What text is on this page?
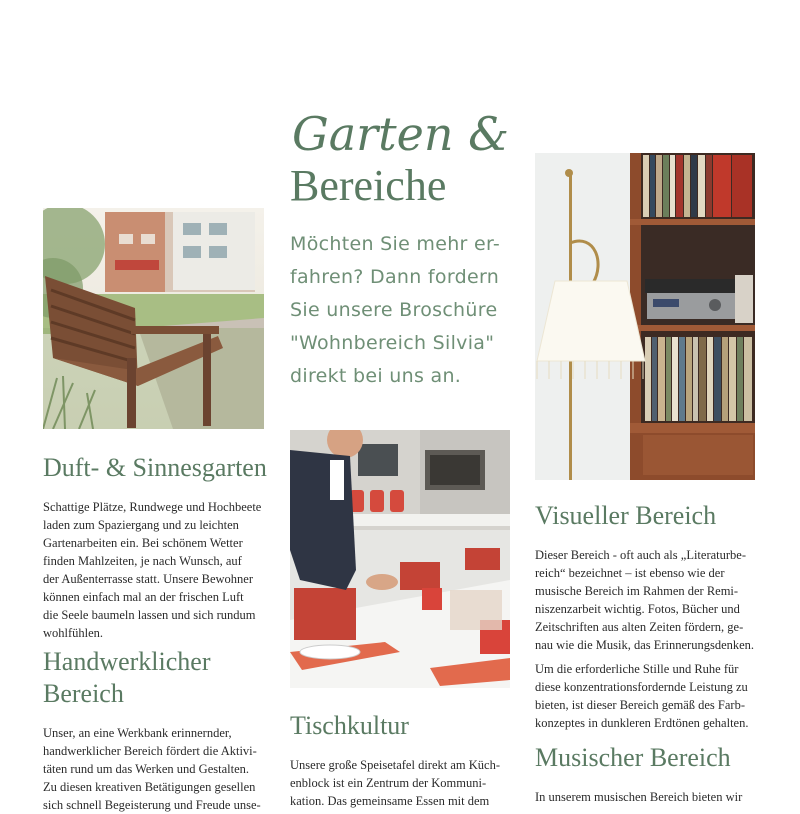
Garten &
Bereiche
Möchten Sie mehr er-
fahren? Dann fordern
Sie unsere Broschüre
"Wohnbereich Silvia"
direkt bei uns an.
Duft- & Sinnesgarten
Schattige Plätze, Rundwege und Hochbeete
laden zum Spaziergang und zu leichten
Gartenarbeiten ein. Bei schönem Wetter
finden Mahlzeiten, je nach Wunsch, auf
der Außenterrasse statt. Unsere Bewohner
können einfach mal an der frischen Luft
die Seele baumeln lassen und sich rundum
wohlfühlen.
Handwerklicher
Bereich
Unser, an eine Werkbank erinnernder,
handwerklicher Bereich fördert die Aktivi-
täten rund um das Werken und Gestalten.
Zu diesen kreativen Betätigungen gesellen
sich schnell Begeisterung und Freude unse-
Tischkultur
Unsere große Speisetafel direkt am Küch-
enblock ist ein Zentrum der Kommuni-
kation. Das gemeinsame Essen mit dem
Visueller Bereich
Dieser Bereich - oft auch als „Literaturbe-
reich“ bezeichnet – ist ebenso wie der
musische Bereich im Rahmen der Remi-
niszenzarbeit wichtig. Fotos, Bücher und
Zeitschriften aus alten Zeiten fördern, ge-
nau wie die Musik, das Erinnerungsdenken.
Um die erforderliche Stille und Ruhe für
diese konzentrationsfordernde Leistung zu
bieten, ist dieser Bereich gemäß des Farb-
konzeptes in dunkleren Erdtönen gehalten.
Musischer Bereich
In unserem musischen Bereich bieten wir
